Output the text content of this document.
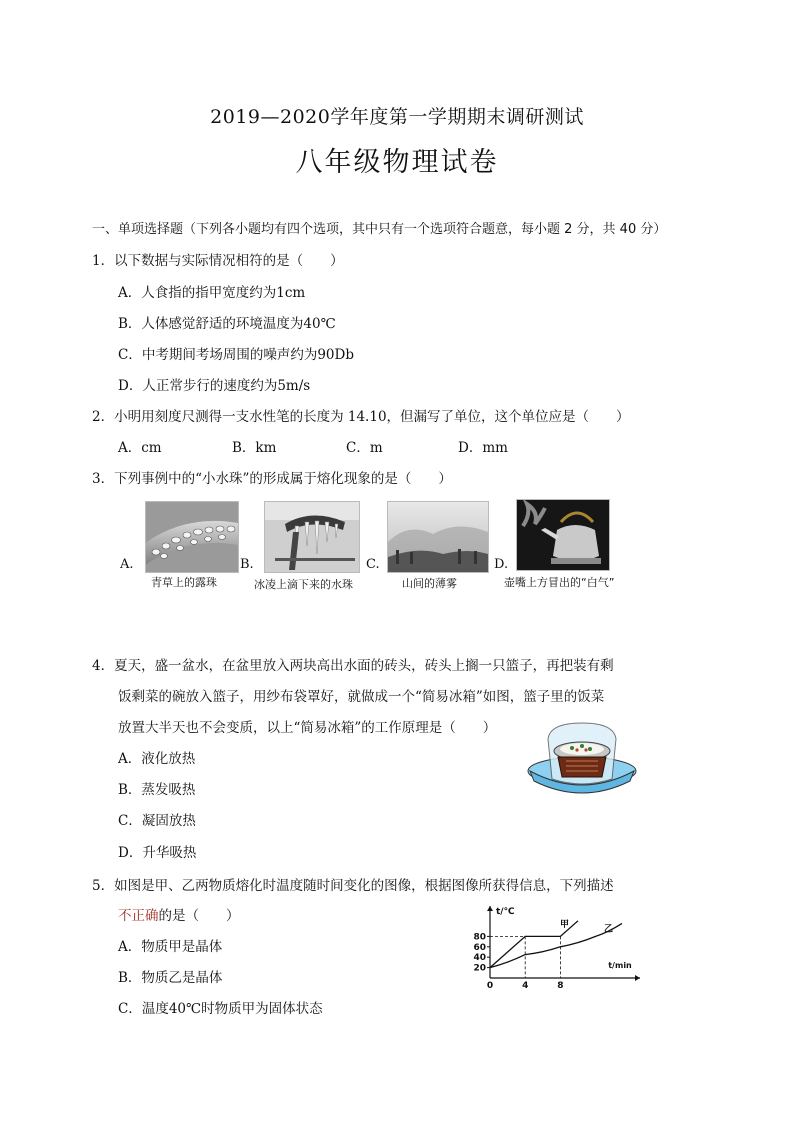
2019—2020学年度第一学期期末调研测试
八年级物理试卷
一、单项选择题（下列各小题均有四个选项，其中只有一个选项符合题意，每小题 2 分，共 40 分）
1．以下数据与实际情况相符的是（　　）
A．人食指的指甲宽度约为1cm
B．人体感觉舒适的环境温度为40℃
C．中考期间考场周围的噪声约为90Db
D．人正常步行的速度约为5m/s
2．小明用刻度尺测得一支水性笔的长度为 14.10，但漏写了单位，这个单位应是（　　）
A．cm	B．km	C．m	D．mm
3．下列事例中的“小水珠”的形成属于熔化现象的是（　　）
A.	B.	C.	D.
青草上的露珠	冰凌上滴下来的水珠	山间的薄雾	壶嘴上方冒出的“白气”
4．夏天，盛一盆水，在盆里放入两块高出水面的砖头，砖头上搁一只篮子，再把装有剩
饭剩菜的碗放入篮子，用纱布袋罩好，就做成一个“简易冰箱”如图，篮子里的饭菜
放置大半天也不会变质，以上“简易冰箱”的工作原理是（　　）
A．液化放热
B．蒸发吸热
C．凝固放热
D．升华吸热
5．如图是甲、乙两物质熔化时温度随时间变化的图像，根据图像所获得信息，下列描述
不正确的是（　　）
A．物质甲是晶体
B．物质乙是晶体
C．温度40℃时物质甲为固体状态
t/℃
t/min
20
40
60
80
0	4	8
甲	乙
